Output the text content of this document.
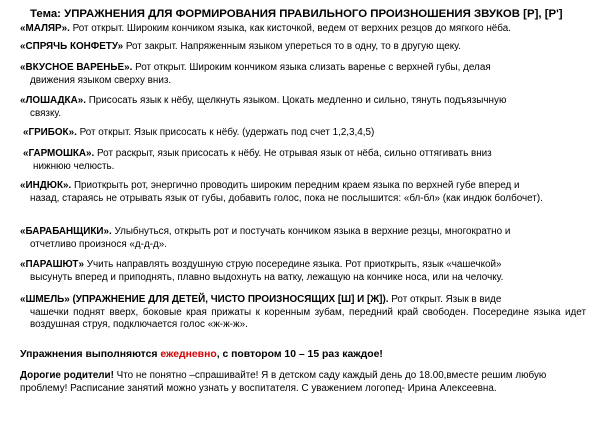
Тема: УПРАЖНЕНИЯ ДЛЯ ФОРМИРОВАНИЯ ПРАВИЛЬНОГО ПРОИЗНОШЕНИЯ ЗВУКОВ [Р], [Р']
«МАЛЯР». Рот открыт. Широким кончиком языка, как кисточкой, ведем от верхних резцов до мягкого нёба.
«СПРЯЧЬ КОНФЕТУ» Рот закрыт. Напряженным языком упереться то в одну, то в другую щеку.
«ВКУСНОЕ ВАРЕНЬЕ». Рот открыт. Широким кончиком языка слизать варенье с верхней губы, делая
движения языком сверху вниз.
«ЛОШАДКА». Присосать язык к нёбу, щелкнуть языком. Цокать медленно и сильно, тянуть подъязычную
связку.
«ГРИБОК». Рот открыт. Язык присосать к нёбу. (удержать под счет 1,2,3,4,5)
«ГАРМОШКА». Рот раскрыт, язык присосать к нёбу. Не отрывая язык от нёба, сильно оттягивать вниз
нижнюю челюсть.
«ИНДЮК». Приоткрыть рот, энергично проводить широким передним краем языка по верхней губе вперед и
назад, стараясь не отрывать язык от губы, добавить голос, пока не послышится: «бл-бл» (как индюк болбочет).
«БАРАБАНЩИКИ». Улыбнуться, открыть рот и постучать кончиком языка в верхние резцы, многократно и
отчетливо произнося «д-д-д».
«ПАРАШЮТ» Учить направлять воздушную струю посередине языка. Рот приоткрыть, язык «чашечкой»
высунуть вперед и приподнять, плавно выдохнуть на ватку, лежащую на кончике носа, или на челочку.
«ШМЕЛЬ» (УПРАЖНЕНИЕ ДЛЯ ДЕТЕЙ, ЧИСТО ПРОИЗНОСЯЩИХ [Ш] И [Ж]). Рот открыт. Язык в виде
чашечки поднят вверх, боковые края прижаты к коренным зубам, передний край свободен. Посередине языка идет воздушная струя, подключается голос «ж-ж-ж».
Упражнения выполняются ежедневно, с повтором 10 – 15 раз каждое!
Дорогие родители! Что не понятно –спрашивайте! Я в детском саду каждый день до 18.00,вместе решим любую проблему! Расписание занятий можно узнать у воспитателя. С уважением логопед- Ирина Алексеевна.
